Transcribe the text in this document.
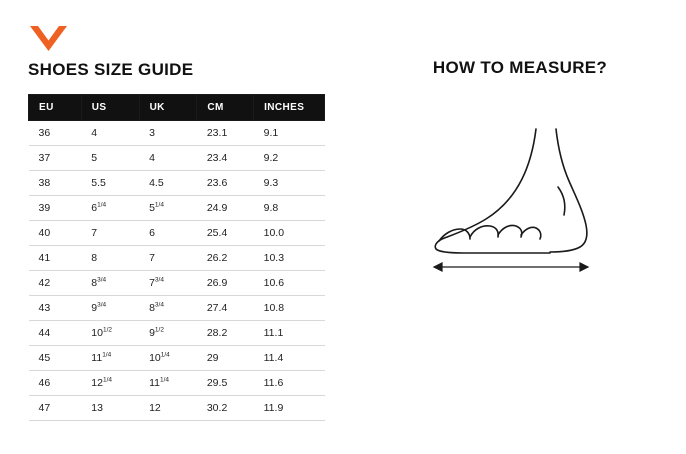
SHOES SIZE GUIDE
EU	US	UK	CM	INCHES
36	4	3	23.1	9.1
37	5	4	23.4	9.2
38	5.5	4.5	23.6	9.3
39	$6^{1/4}$	$5^{1/4}$	24.9	9.8
40	7	6	25.4	10.0
41	8	7	26.2	10.3
42	$8^{3/4}$	$7^{3/4}$	26.9	10.6
43	$9^{3/4}$	$8^{3/4}$	27.4	10.8
44	$10^{1/2}$	$9^{1/2}$	28.2	11.1
45	$11^{1/4}$	$10^{1/4}$	29	11.4
46	$12^{1/4}$	$11^{1/4}$	29.5	11.6
47	13	12	30.2	11.9
HOW TO MEASURE?
